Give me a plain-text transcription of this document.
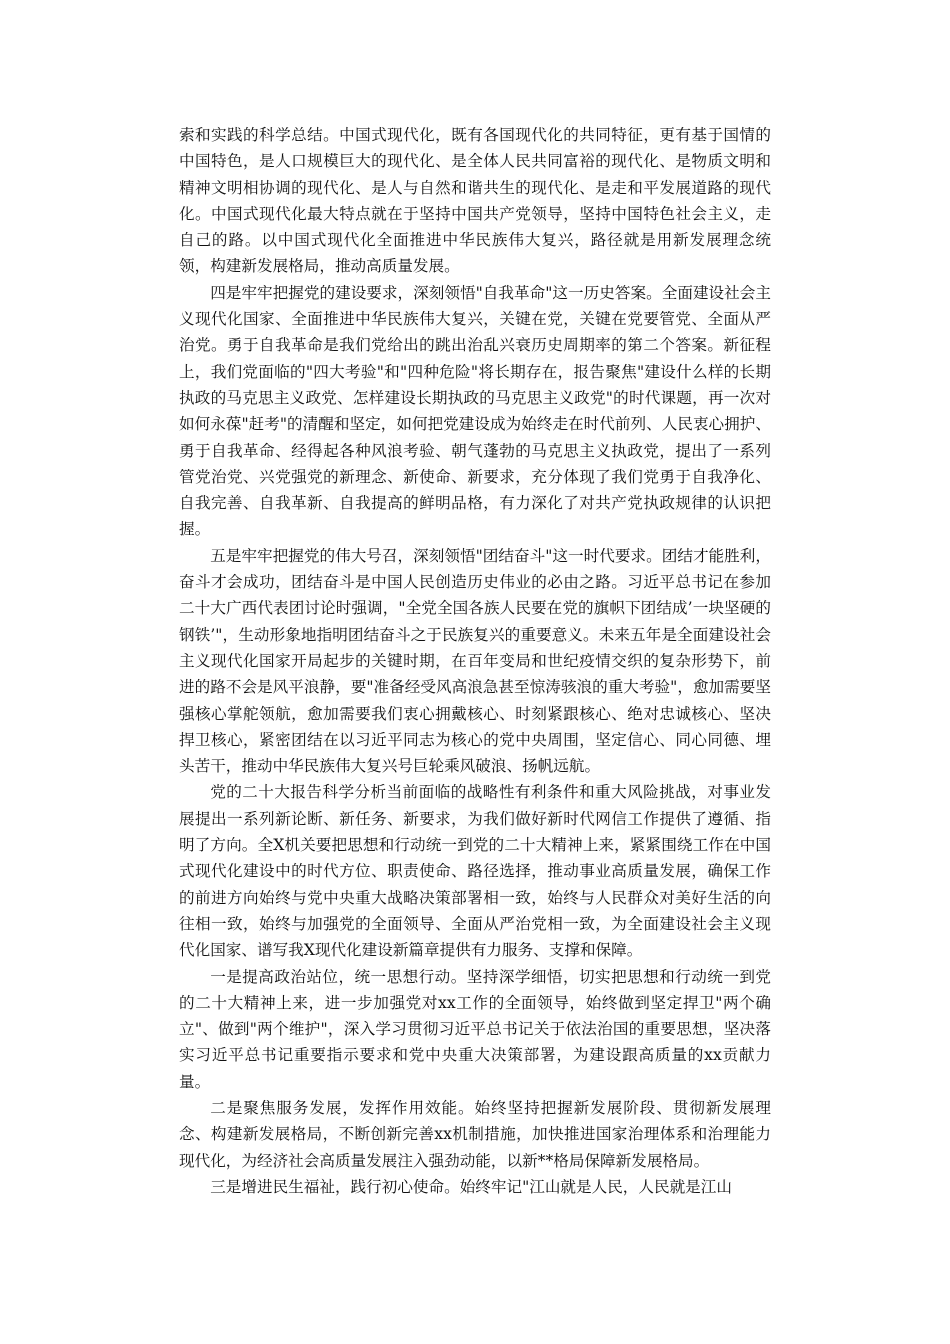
索和实践的科学总结。中国式现代化，既有各国现代化的共同特征，更有基于国情的中国特色，是人口规模巨大的现代化、是全体人民共同富裕的现代化、是物质文明和精神文明相协调的现代化、是人与自然和谐共生的现代化、是走和平发展道路的现代化。中国式现代化最大特点就在于坚持中国共产党领导，坚持中国特色社会主义，走自己的路。以中国式现代化全面推进中华民族伟大复兴，路径就是用新发展理念统领，构建新发展格局，推动高质量发展。

四是牢牢把握党的建设要求，深刻领悟"自我革命"这一历史答案。全面建设社会主义现代化国家、全面推进中华民族伟大复兴，关键在党，关键在党要管党、全面从严治党。勇于自我革命是我们党给出的跳出治乱兴衰历史周期率的第二个答案。新征程上，我们党面临的"四大考验"和"四种危险"将长期存在，报告聚焦"建设什么样的长期执政的马克思主义政党、怎样建设长期执政的马克思主义政党"的时代课题，再一次对如何永葆"赶考"的清醒和坚定，如何把党建设成为始终走在时代前列、人民衷心拥护、勇于自我革命、经得起各种风浪考验、朝气蓬勃的马克思主义执政党，提出了一系列管党治党、兴党强党的新理念、新使命、新要求，充分体现了我们党勇于自我净化、自我完善、自我革新、自我提高的鲜明品格，有力深化了对共产党执政规律的认识把握。

五是牢牢把握党的伟大号召，深刻领悟"团结奋斗"这一时代要求。团结才能胜利，奋斗才会成功，团结奋斗是中国人民创造历史伟业的必由之路。习近平总书记在参加二十大广西代表团讨论时强调，"全党全国各族人民要在党的旗帜下团结成’一块坚硬的钢铁’"，生动形象地指明团结奋斗之于民族复兴的重要意义。未来五年是全面建设社会主义现代化国家开局起步的关键时期，在百年变局和世纪疫情交织的复杂形势下，前进的路不会是风平浪静，要"准备经受风高浪急甚至惊涛骇浪的重大考验"，愈加需要坚强核心掌舵领航，愈加需要我们衷心拥戴核心、时刻紧跟核心、绝对忠诚核心、坚决捍卫核心，紧密团结在以习近平同志为核心的党中央周围，坚定信心、同心同德、埋头苦干，推动中华民族伟大复兴号巨轮乘风破浪、扬帆远航。

党的二十大报告科学分析当前面临的战略性有利条件和重大风险挑战，对事业发展提出一系列新论断、新任务、新要求，为我们做好新时代网信工作提供了遵循、指明了方向。全X机关要把思想和行动统一到党的二十大精神上来，紧紧围绕工作在中国式现代化建设中的时代方位、职责使命、路径选择，推动事业高质量发展，确保工作的前进方向始终与党中央重大战略决策部署相一致，始终与人民群众对美好生活的向往相一致，始终与加强党的全面领导、全面从严治党相一致，为全面建设社会主义现代化国家、谱写我X现代化建设新篇章提供有力服务、支撑和保障。

一是提高政治站位，统一思想行动。坚持深学细悟，切实把思想和行动统一到党的二十大精神上来，进一步加强党对xx工作的全面领导，始终做到坚定捍卫"两个确立"、做到"两个维护"，深入学习贯彻习近平总书记关于依法治国的重要思想，坚决落实习近平总书记重要指示要求和党中央重大决策部署，为建设跟高质量的xx贡献力量。

二是聚焦服务发展，发挥作用效能。始终坚持把握新发展阶段、贯彻新发展理念、构建新发展格局，不断创新完善xx机制措施，加快推进国家治理体系和治理能力现代化，为经济社会高质量发展注入强劲动能，以新**格局保障新发展格局。

三是增进民生福祉，践行初心使命。始终牢记"江山就是人民，人民就是江山
